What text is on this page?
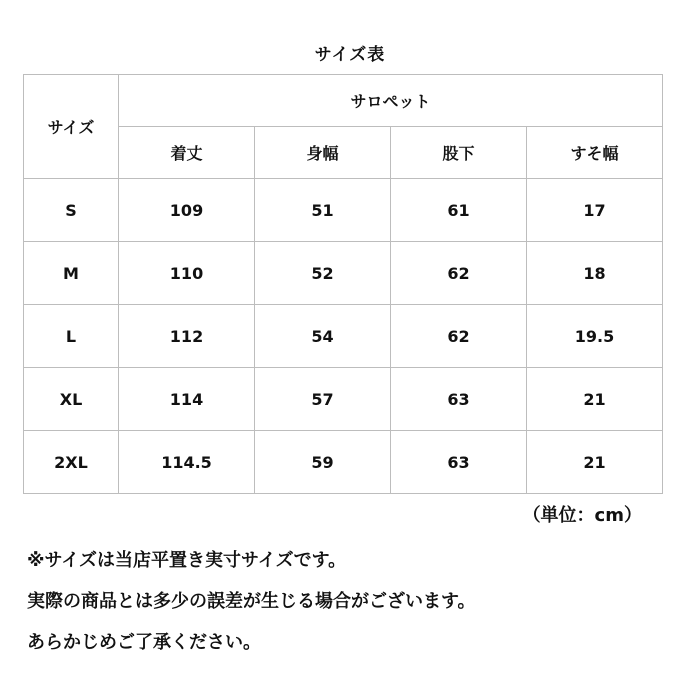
サイズ表
サイズ	サロペット			
	着丈	身幅	股下	すそ幅
S	109	51	61	17
M	110	52	62	18
L	112	54	62	19.5
XL	114	57	63	21
2XL	114.5	59	63	21
（単位：cm）
※サイズは当店平置き実寸サイズです。
実際の商品とは多少の誤差が生じる場合がございます。
あらかじめご了承ください。
